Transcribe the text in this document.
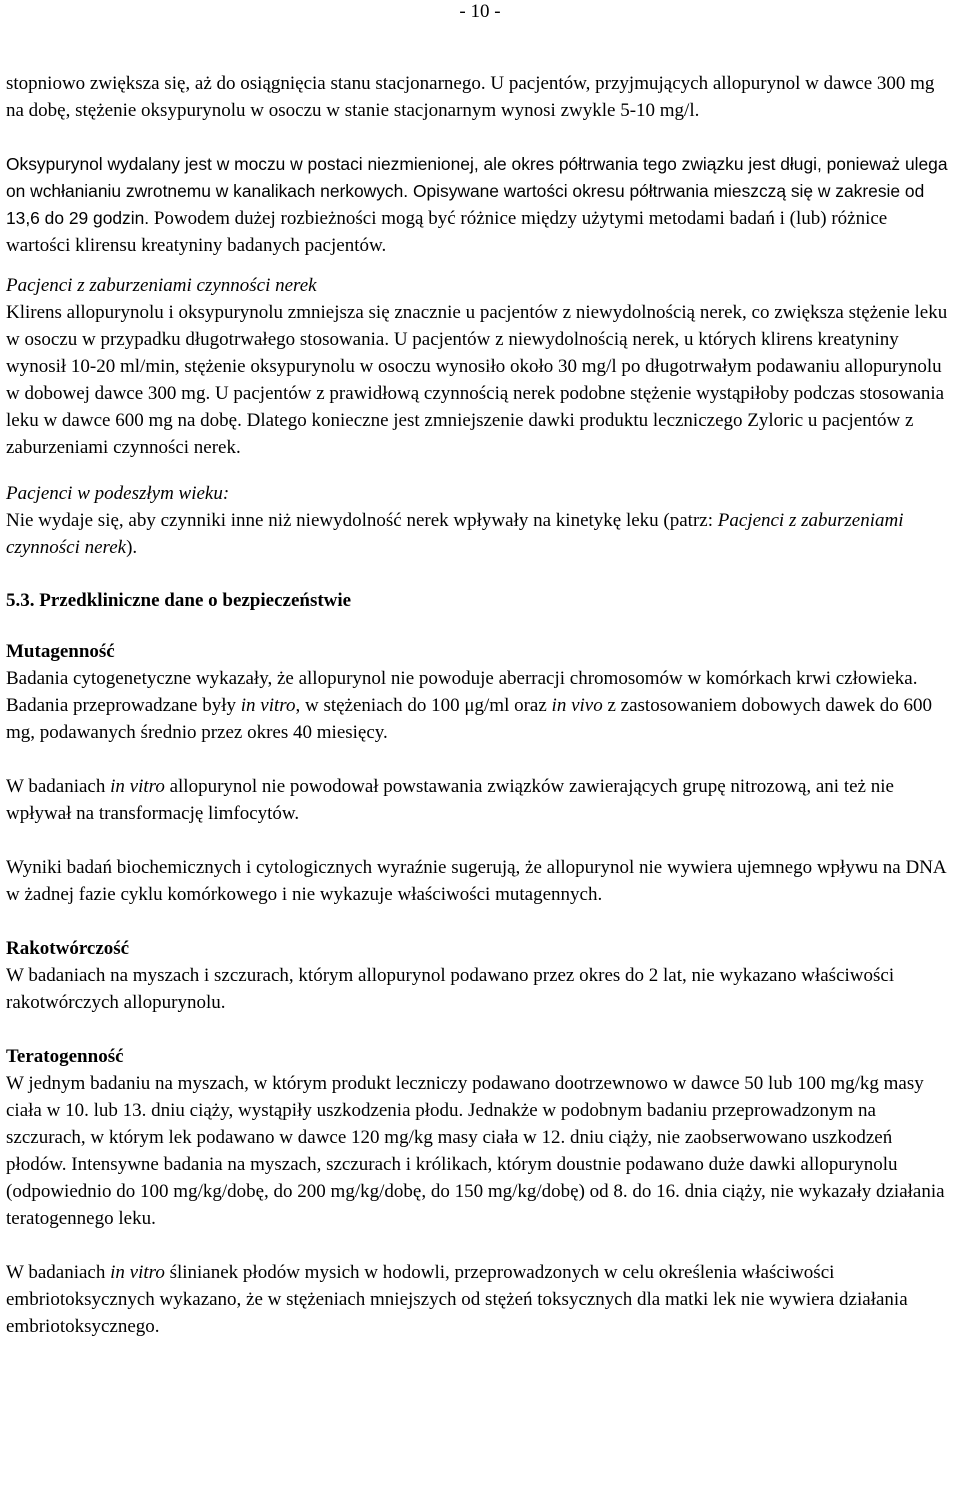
- 10 -

stopniowo zwiększa się, aż do osiągnięcia stanu stacjonarnego. U pacjentów, przyjmujących allopurynol w dawce 300 mg na dobę, stężenie oksypurynolu w osoczu w stanie stacjonarnym wynosi zwykle 5-10 mg/l.

Oksypurynol wydalany jest w moczu w postaci niezmienionej, ale okres półtrwania tego związku jest długi, ponieważ ulega on wchłanianiu zwrotnemu w kanalikach nerkowych. Opisywane wartości okresu półtrwania mieszczą się w zakresie od 13,6 do 29 godzin. Powodem dużej rozbieżności mogą być różnice między użytymi metodami badań i (lub) różnice wartości klirensu kreatyniny badanych pacjentów.

Pacjenci z zaburzeniami czynności nerek

Klirens allopurynolu i oksypurynolu zmniejsza się znacznie u pacjentów z niewydolnością nerek, co zwiększa stężenie leku w osoczu w przypadku długotrwałego stosowania. U pacjentów z niewydolnością nerek, u których klirens kreatyniny wynosił 10-20 ml/min, stężenie oksypurynolu w osoczu wynosiło około 30 mg/l po długotrwałym podawaniu allopurynolu w dobowej dawce 300 mg. U pacjentów z prawidłową czynnością nerek podobne stężenie wystąpiłoby podczas stosowania leku w dawce 600 mg na dobę. Dlatego konieczne jest zmniejszenie dawki produktu leczniczego Zyloric u pacjentów z zaburzeniami czynności nerek.

Pacjenci w podeszłym wieku:

Nie wydaje się, aby czynniki inne niż niewydolność nerek wpływały na kinetykę leku (patrz: Pacjenci z zaburzeniami czynności nerek).

5.3. Przedkliniczne dane o bezpieczeństwie

Mutagenność

Badania cytogenetyczne wykazały, że allopurynol nie powoduje aberracji chromosomów w komórkach krwi człowieka. Badania przeprowadzane były in vitro, w stężeniach do 100 μg/ml oraz in vivo z zastosowaniem dobowych dawek do 600 mg, podawanych średnio przez okres 40 miesięcy.

W badaniach in vitro allopurynol nie powodował powstawania związków zawierających grupę nitrozową, ani też nie wpływał na transformację limfocytów.

Wyniki badań biochemicznych i cytologicznych wyraźnie sugerują, że allopurynol nie wywiera ujemnego wpływu na DNA w żadnej fazie cyklu komórkowego i nie wykazuje właściwości mutagennych.

Rakotwórczość

W badaniach na myszach i szczurach, którym allopurynol podawano przez okres do 2 lat, nie wykazano właściwości rakotwórczych allopurynolu.

Teratogenność

W jednym badaniu na myszach, w którym produkt leczniczy podawano dootrzewnowo w dawce 50 lub 100 mg/kg masy ciała w 10. lub 13. dniu ciąży, wystąpiły uszkodzenia płodu. Jednakże w podobnym badaniu przeprowadzonym na szczurach, w którym lek podawano w dawce 120 mg/kg masy ciała w 12. dniu ciąży, nie zaobserwowano uszkodzeń płodów. Intensywne badania na myszach, szczurach i królikach, którym doustnie podawano duże dawki allopurynolu (odpowiednio do 100 mg/kg/dobę, do 200 mg/kg/dobę, do 150 mg/kg/dobę) od 8. do 16. dnia ciąży, nie wykazały działania teratogennego leku.

W badaniach in vitro ślinianek płodów mysich w hodowli, przeprowadzonych w celu określenia właściwości embriotoksycznych wykazano, że w stężeniach mniejszych od stężeń toksycznych dla matki lek nie wywiera działania embriotoksycznego.
